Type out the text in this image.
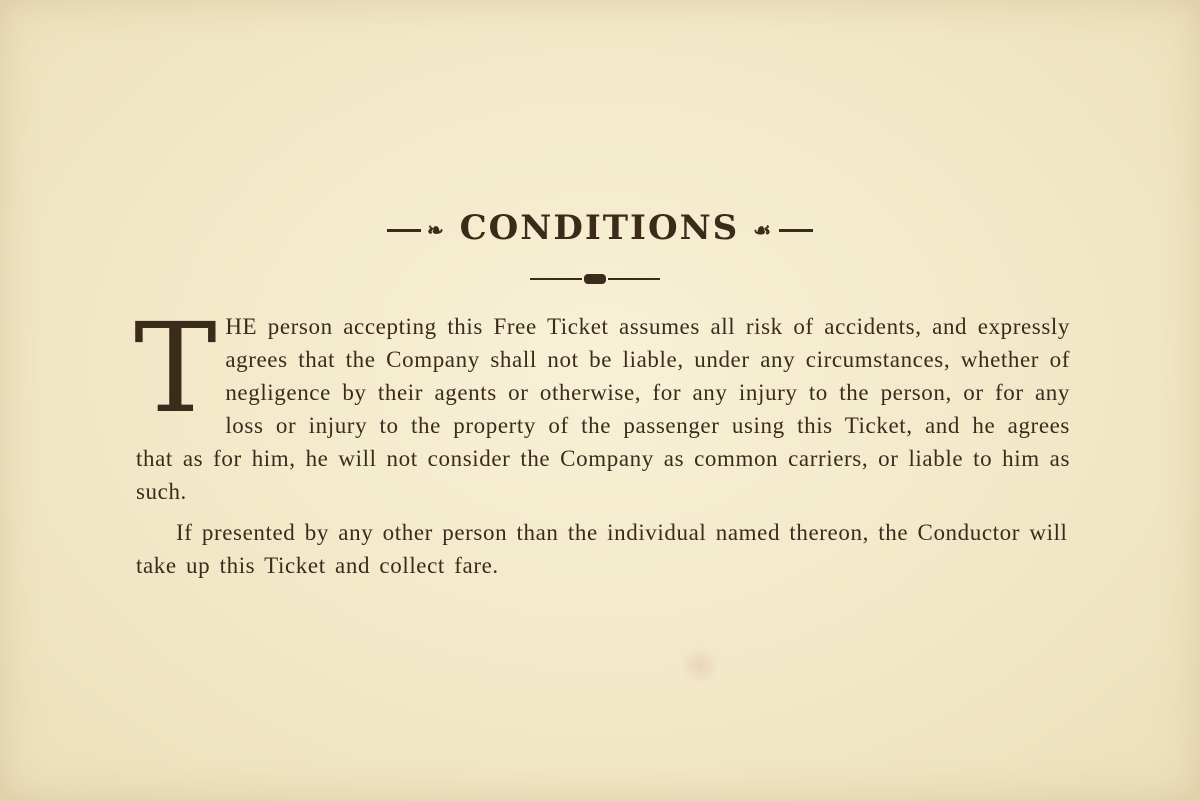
❧ CONDITIONS ☙

THE person accepting this Free Ticket assumes all risk of accidents, and expressly agrees that the Company shall not be liable, under any circumstances, whether of negligence by their agents or otherwise, for any injury to the person, or for any loss or injury to the property of the passenger using this Ticket, and he agrees that as for him, he will not consider the Company as common carriers, or liable to him as such.

If presented by any other person than the individual named thereon, the Conductor will take up this Ticket and collect fare.
